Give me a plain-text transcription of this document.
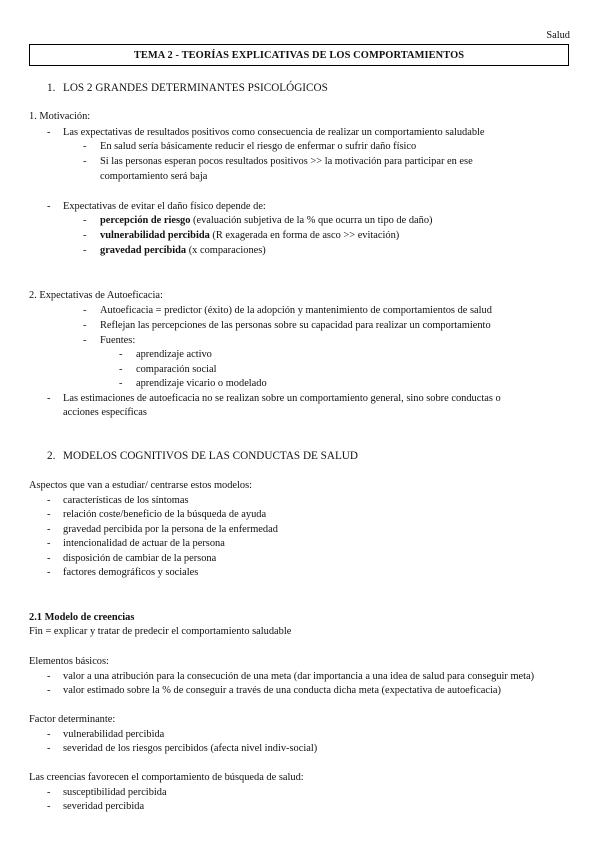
Salud
TEMA 2 - TEORÍAS EXPLICATIVAS DE LOS COMPORTAMIENTOS
1. LOS 2 GRANDES DETERMINANTES PSICOLÓGICOS
1. Motivación:
- Las expectativas de resultados positivos como consecuencia de realizar un comportamiento saludable
- En salud sería básicamente reducir el riesgo de enfermar o sufrir daño físico
- Si las personas esperan pocos resultados positivos >> la motivación para participar en ese
comportamiento será baja
- Expectativas de evitar el daño físico depende de:
- percepción de riesgo (evaluación subjetiva de la % que ocurra un tipo de daño)
- vulnerabilidad percibida (R exagerada en forma de asco >> evitación)
- gravedad percibida (x comparaciones)
2. Expectativas de Autoeficacia:
- Autoeficacia = predictor (éxito) de la adopción y mantenimiento de comportamientos de salud
- Reflejan las percepciones de las personas sobre su capacidad para realizar un comportamiento
- Fuentes:
- aprendizaje activo
- comparación social
- aprendizaje vicario o modelado
- Las estimaciones de autoeficacia no se realizan sobre un comportamiento general, sino sobre conductas o
acciones específicas
2. MODELOS COGNITIVOS DE LAS CONDUCTAS DE SALUD
Aspectos que van a estudiar/ centrarse estos modelos:
- características de los síntomas
- relación coste/beneficio de la búsqueda de ayuda
- gravedad percibida por la persona de la enfermedad
- intencionalidad de actuar de la persona
- disposición de cambiar de la persona
- factores demográficos y sociales
2.1 Modelo de creencias
Fin = explicar y tratar de predecir el comportamiento saludable
Elementos básicos:
- valor a una atribución para la consecución de una meta (dar importancia a una idea de salud para conseguir meta)
- valor estimado sobre la % de conseguir a través de una conducta dicha meta (expectativa de autoeficacia)
Factor determinante:
- vulnerabilidad percibida
- severidad de los riesgos percibidos (afecta nivel indiv-social)
Las creencias favorecen el comportamiento de búsqueda de salud:
- susceptibilidad percibida
- severidad percibida
